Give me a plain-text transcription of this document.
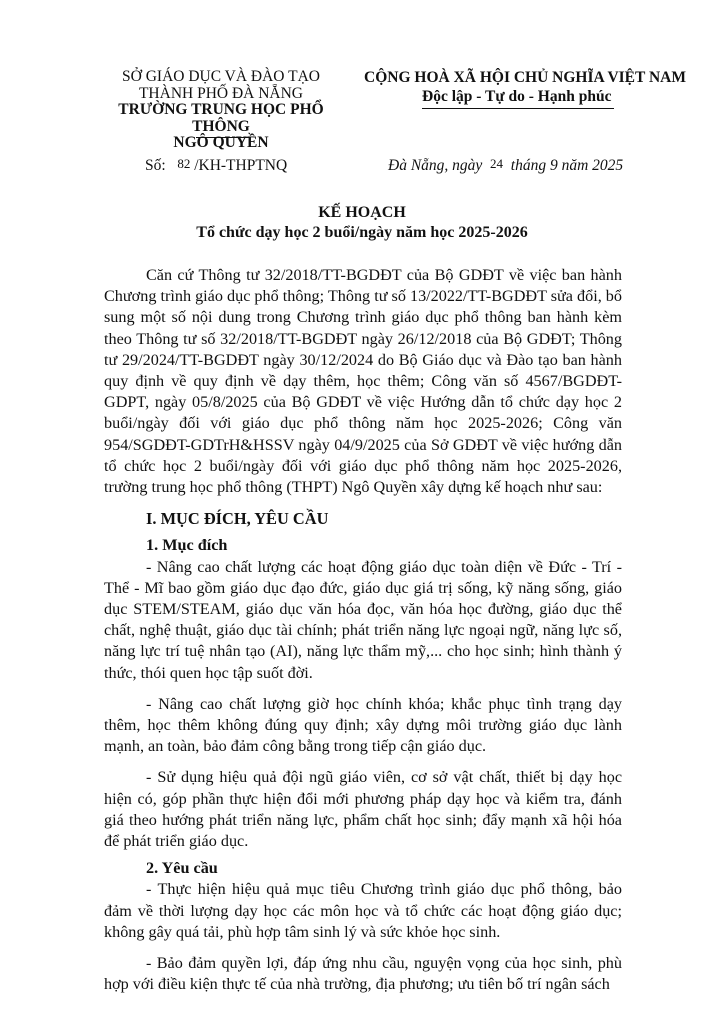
SỞ GIÁO DỤC VÀ ĐÀO TẠO
THÀNH PHỐ ĐÀ NẴNG
TRƯỜNG TRUNG HỌC PHỔ THÔNG
NGÔ QUYỀN
CỘNG HOÀ XÃ HỘI CHỦ NGHĨA VIỆT NAM
Độc lập - Tự do - Hạnh phúc
Số: 82 /KH-THPTNQ	Đà Nẵng, ngày 24 tháng 9 năm 2025
KẾ HOẠCH
Tổ chức dạy học 2 buổi/ngày năm học 2025-2026

Căn cứ Thông tư 32/2018/TT-BGDĐT của Bộ GDĐT về việc ban hành Chương trình giáo dục phổ thông; Thông tư số 13/2022/TT-BGDĐT sửa đổi, bổ sung một số nội dung trong Chương trình giáo dục phổ thông ban hành kèm theo Thông tư số 32/2018/TT-BGDĐT ngày 26/12/2018 của Bộ GDĐT; Thông tư 29/2024/TT-BGDĐT ngày 30/12/2024 do Bộ Giáo dục và Đào tạo ban hành quy định về quy định về dạy thêm, học thêm; Công văn số 4567/BGDĐT-GDPT, ngày 05/8/2025 của Bộ GDĐT về việc Hướng dẫn tổ chức dạy học 2 buổi/ngày đối với giáo dục phổ thông năm học 2025-2026; Công văn 954/SGDĐT-GDTrH&HSSV ngày 04/9/2025 của Sở GDĐT về việc hướng dẫn tổ chức học 2 buổi/ngày đối với giáo dục phổ thông năm học 2025-2026, trường trung học phổ thông (THPT) Ngô Quyền xây dựng kế hoạch như sau:

I. MỤC ĐÍCH, YÊU CẦU
1. Mục đích

- Nâng cao chất lượng các hoạt động giáo dục toàn diện về Đức - Trí - Thể - Mĩ bao gồm giáo dục đạo đức, giáo dục giá trị sống, kỹ năng sống, giáo dục STEM/STEAM, giáo dục văn hóa đọc, văn hóa học đường, giáo dục thể chất, nghệ thuật, giáo dục tài chính; phát triển năng lực ngoại ngữ, năng lực số, năng lực trí tuệ nhân tạo (AI), năng lực thẩm mỹ,... cho học sinh; hình thành ý thức, thói quen học tập suốt đời.

- Nâng cao chất lượng giờ học chính khóa; khắc phục tình trạng dạy thêm, học thêm không đúng quy định; xây dựng môi trường giáo dục lành mạnh, an toàn, bảo đảm công bằng trong tiếp cận giáo dục.

- Sử dụng hiệu quả đội ngũ giáo viên, cơ sở vật chất, thiết bị dạy học hiện có, góp phần thực hiện đổi mới phương pháp dạy học và kiểm tra, đánh giá theo hướng phát triển năng lực, phẩm chất học sinh; đẩy mạnh xã hội hóa để phát triển giáo dục.

2. Yêu cầu

- Thực hiện hiệu quả mục tiêu Chương trình giáo dục phổ thông, bảo đảm về thời lượng dạy học các môn học và tổ chức các hoạt động giáo dục; không gây quá tải, phù hợp tâm sinh lý và sức khỏe học sinh.

- Bảo đảm quyền lợi, đáp ứng nhu cầu, nguyện vọng của học sinh, phù hợp với điều kiện thực tế của nhà trường, địa phương; ưu tiên bố trí ngân sách
